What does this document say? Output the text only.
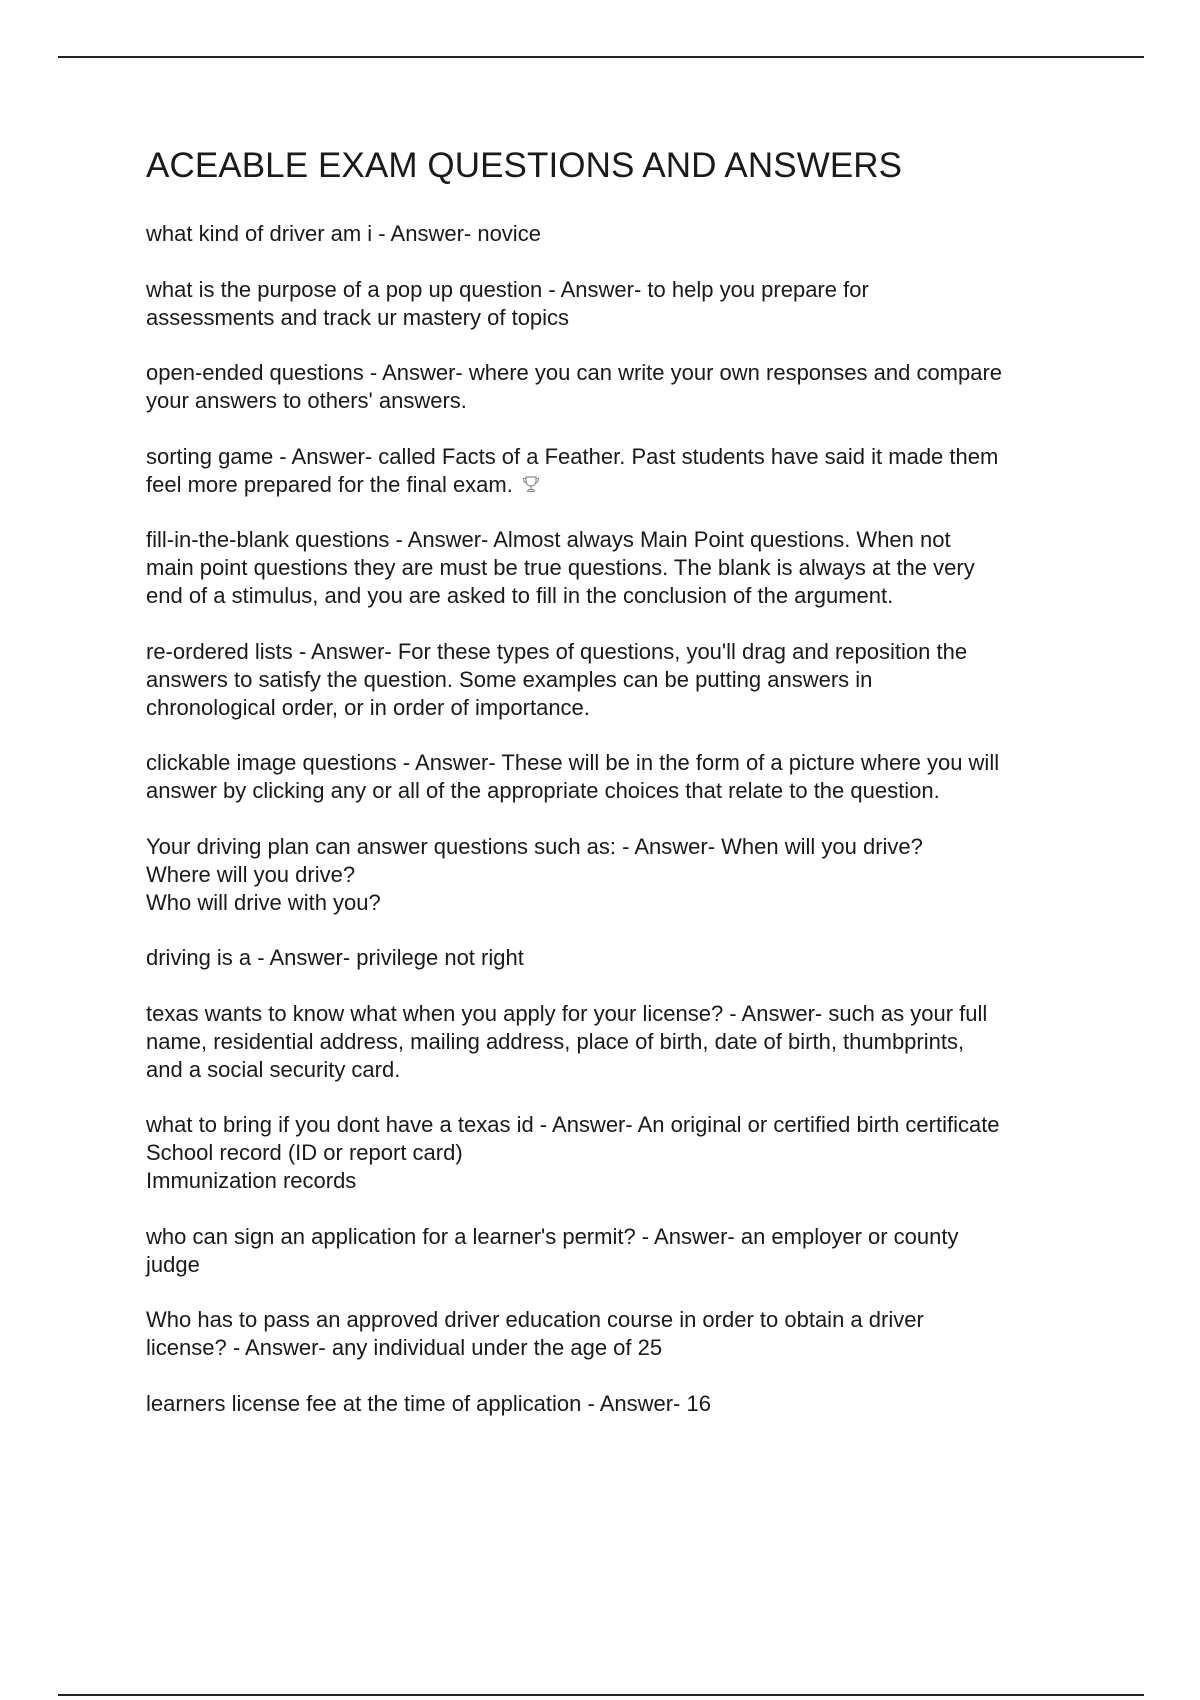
ACEABLE EXAM QUESTIONS AND ANSWERS
what kind of driver am i - Answer- novice
what is the purpose of a pop up question - Answer- to help you prepare for
assessments and track ur mastery of topics
open-ended questions - Answer- where you can write your own responses and compare
your answers to others' answers.
sorting game - Answer- called Facts of a Feather. Past students have said it made them
feel more prepared for the final exam.
fill-in-the-blank questions - Answer- Almost always Main Point questions. When not
main point questions they are must be true questions. The blank is always at the very
end of a stimulus, and you are asked to fill in the conclusion of the argument.
re-ordered lists - Answer- For these types of questions, you'll drag and reposition the
answers to satisfy the question. Some examples can be putting answers in
chronological order, or in order of importance.
clickable image questions - Answer- These will be in the form of a picture where you will
answer by clicking any or all of the appropriate choices that relate to the question.
Your driving plan can answer questions such as: - Answer- When will you drive?
Where will you drive?
Who will drive with you?
driving is a - Answer- privilege not right
texas wants to know what when you apply for your license? - Answer- such as your full
name, residential address, mailing address, place of birth, date of birth, thumbprints,
and a social security card.
what to bring if you dont have a texas id - Answer- An original or certified birth certificate
School record (ID or report card)
Immunization records
who can sign an application for a learner's permit? - Answer- an employer or county
judge
Who has to pass an approved driver education course in order to obtain a driver
license? - Answer- any individual under the age of 25
learners license fee at the time of application - Answer- 16
